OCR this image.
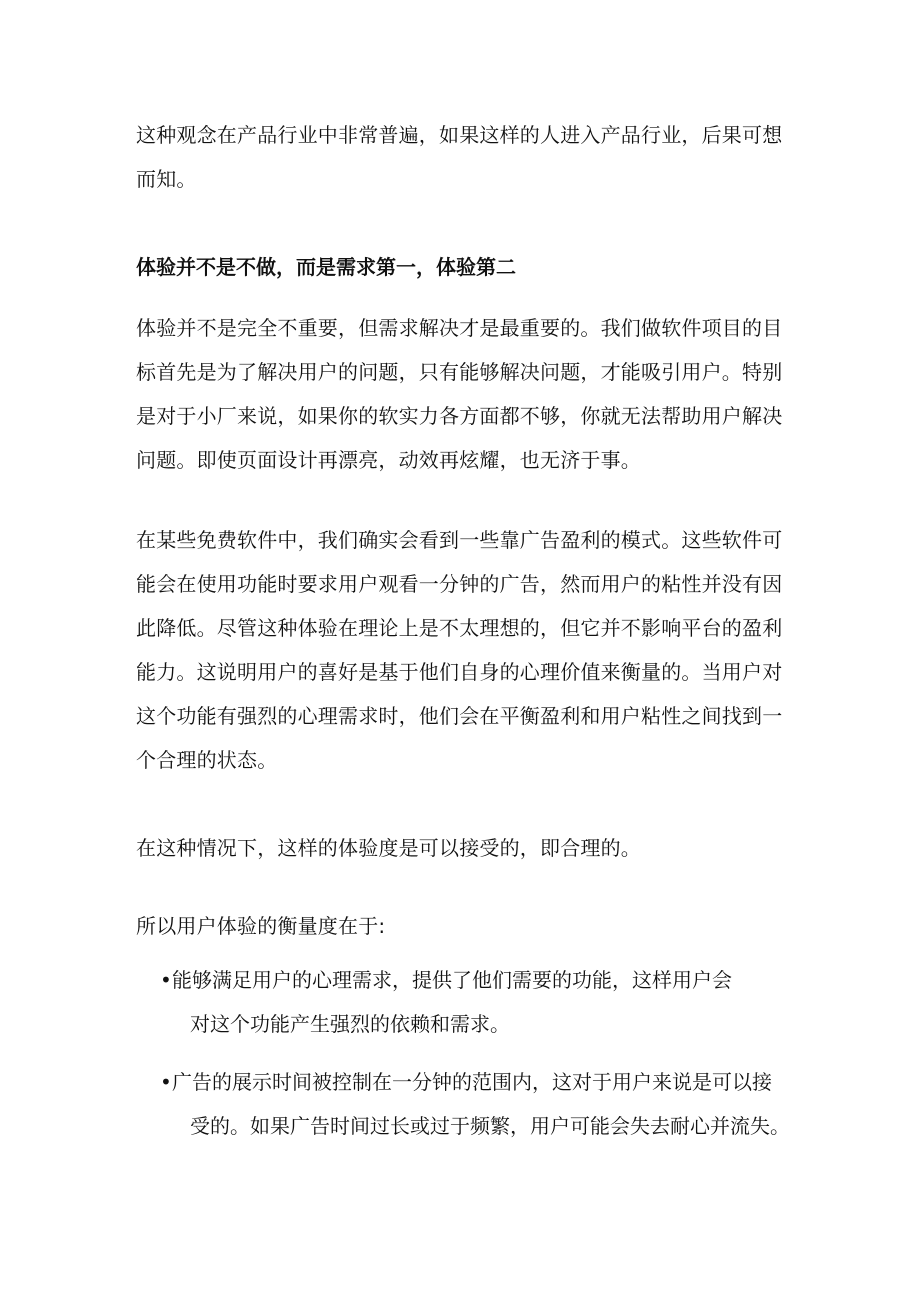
这种观念在产品行业中非常普遍，如果这样的人进入产品行业，后果可想
而知。
体验并不是不做，而是需求第一，体验第二
体验并不是完全不重要，但需求解决才是最重要的。我们做软件项目的目
标首先是为了解决用户的问题，只有能够解决问题，才能吸引用户。特别
是对于小厂来说，如果你的软实力各方面都不够，你就无法帮助用户解决
问题。即使页面设计再漂亮，动效再炫耀，也无济于事。
在某些免费软件中，我们确实会看到一些靠广告盈利的模式。这些软件可
能会在使用功能时要求用户观看一分钟的广告，然而用户的粘性并没有因
此降低。尽管这种体验在理论上是不太理想的，但它并不影响平台的盈利
能力。这说明用户的喜好是基于他们自身的心理价值来衡量的。当用户对
这个功能有强烈的心理需求时，他们会在平衡盈利和用户粘性之间找到一
个合理的状态。
在这种情况下，这样的体验度是可以接受的，即合理的。
所以用户体验的衡量度在于:
•能够满足用户的心理需求，提供了他们需要的功能，这样用户会
对这个功能产生强烈的依赖和需求。
•广告的展示时间被控制在一分钟的范围内，这对于用户来说是可以接
受的。如果广告时间过长或过于频繁，用户可能会失去耐心并流失。
